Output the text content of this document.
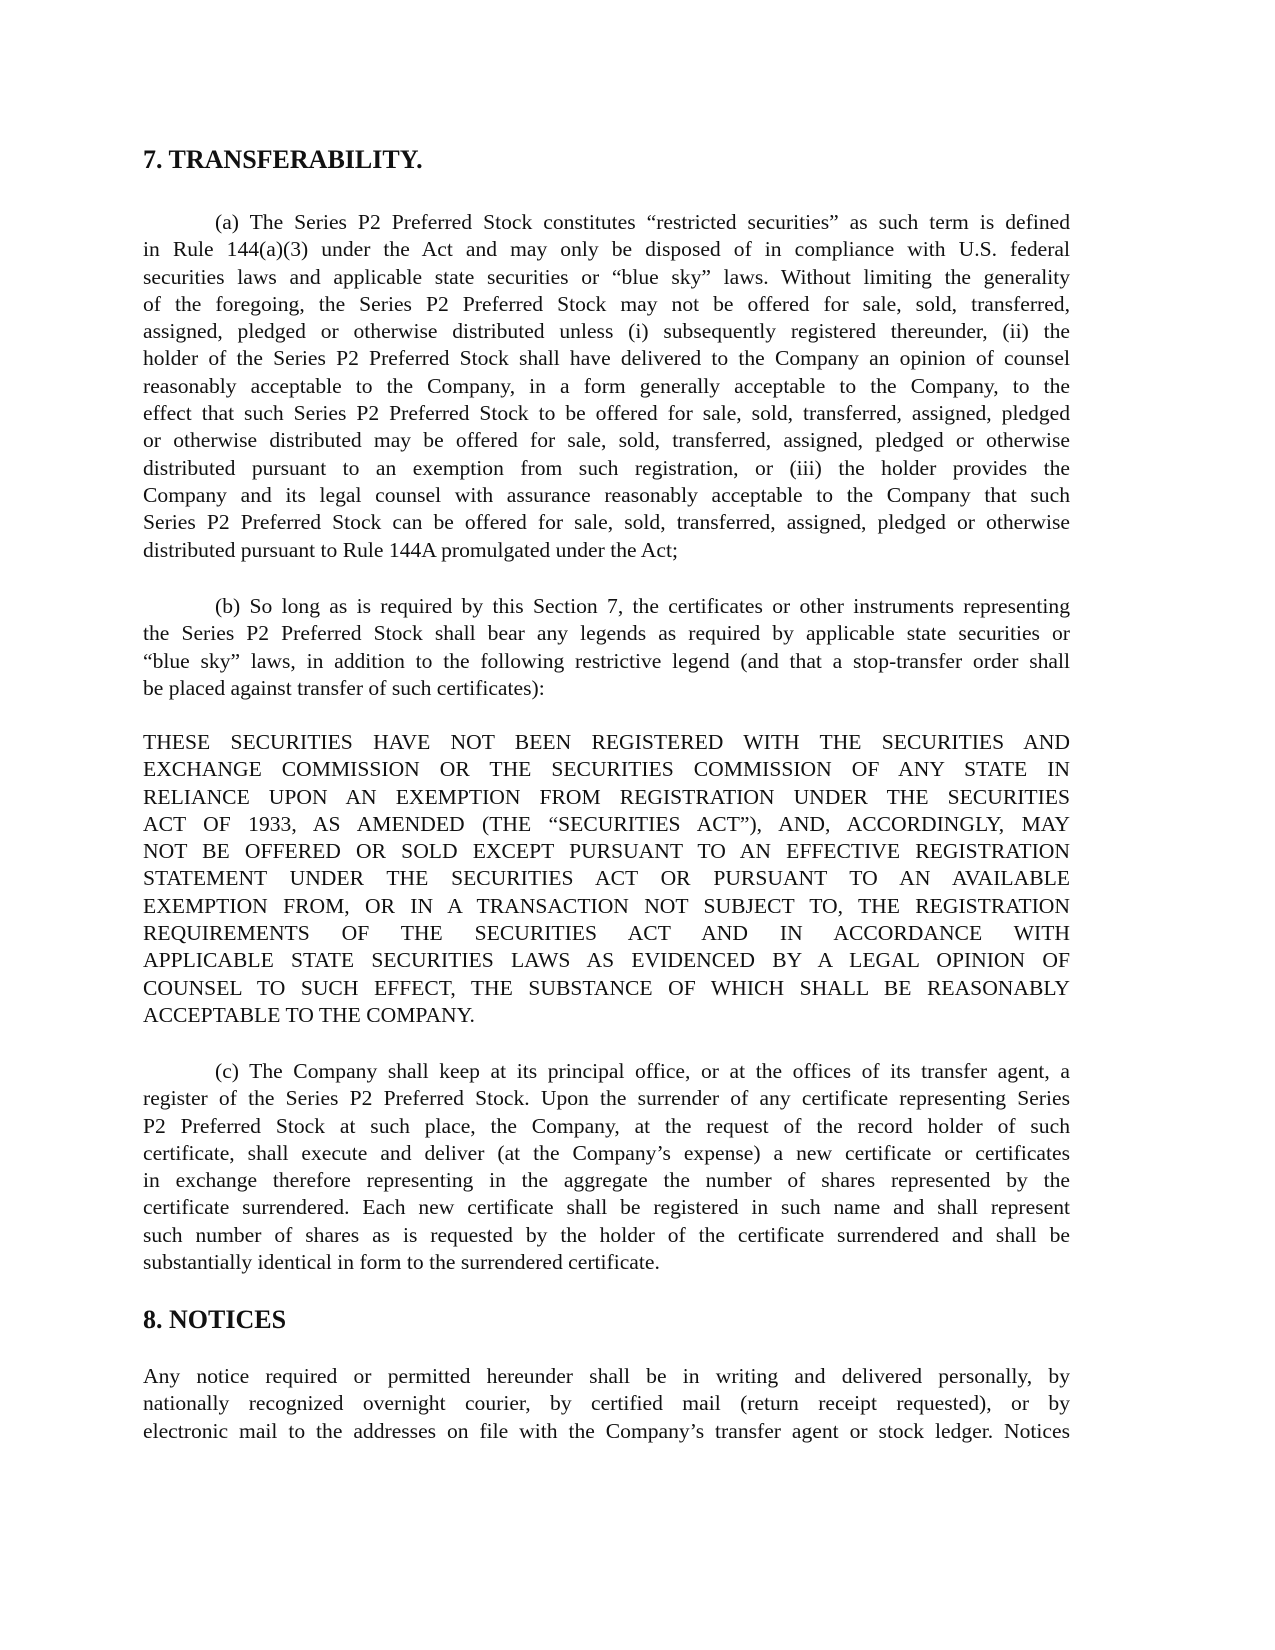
7. TRANSFERABILITY.
(a) The Series P2 Preferred Stock constitutes “restricted securities” as such term is defined
in Rule 144(a)(3) under the Act and may only be disposed of in compliance with U.S. federal
securities laws and applicable state securities or “blue sky” laws. Without limiting the generality
of the foregoing, the Series P2 Preferred Stock may not be offered for sale, sold, transferred,
assigned, pledged or otherwise distributed unless (i) subsequently registered thereunder, (ii) the
holder of the Series P2 Preferred Stock shall have delivered to the Company an opinion of counsel
reasonably acceptable to the Company, in a form generally acceptable to the Company, to the
effect that such Series P2 Preferred Stock to be offered for sale, sold, transferred, assigned, pledged
or otherwise distributed may be offered for sale, sold, transferred, assigned, pledged or otherwise
distributed pursuant to an exemption from such registration, or (iii) the holder provides the
Company and its legal counsel with assurance reasonably acceptable to the Company that such
Series P2 Preferred Stock can be offered for sale, sold, transferred, assigned, pledged or otherwise
distributed pursuant to Rule 144A promulgated under the Act;
(b) So long as is required by this Section 7, the certificates or other instruments representing
the Series P2 Preferred Stock shall bear any legends as required by applicable state securities or
“blue sky” laws, in addition to the following restrictive legend (and that a stop-transfer order shall
be placed against transfer of such certificates):
THESE SECURITIES HAVE NOT BEEN REGISTERED WITH THE SECURITIES AND
EXCHANGE COMMISSION OR THE SECURITIES COMMISSION OF ANY STATE IN
RELIANCE UPON AN EXEMPTION FROM REGISTRATION UNDER THE SECURITIES
ACT OF 1933, AS AMENDED (THE “SECURITIES ACT”), AND, ACCORDINGLY, MAY
NOT BE OFFERED OR SOLD EXCEPT PURSUANT TO AN EFFECTIVE REGISTRATION
STATEMENT UNDER THE SECURITIES ACT OR PURSUANT TO AN AVAILABLE
EXEMPTION FROM, OR IN A TRANSACTION NOT SUBJECT TO, THE REGISTRATION
REQUIREMENTS OF THE SECURITIES ACT AND IN ACCORDANCE WITH
APPLICABLE STATE SECURITIES LAWS AS EVIDENCED BY A LEGAL OPINION OF
COUNSEL TO SUCH EFFECT, THE SUBSTANCE OF WHICH SHALL BE REASONABLY
ACCEPTABLE TO THE COMPANY.
(c) The Company shall keep at its principal office, or at the offices of its transfer agent, a
register of the Series P2 Preferred Stock. Upon the surrender of any certificate representing Series
P2 Preferred Stock at such place, the Company, at the request of the record holder of such
certificate, shall execute and deliver (at the Company’s expense) a new certificate or certificates
in exchange therefore representing in the aggregate the number of shares represented by the
certificate surrendered. Each new certificate shall be registered in such name and shall represent
such number of shares as is requested by the holder of the certificate surrendered and shall be
substantially identical in form to the surrendered certificate.
8. NOTICES
Any notice required or permitted hereunder shall be in writing and delivered personally, by
nationally recognized overnight courier, by certified mail (return receipt requested), or by
electronic mail to the addresses on file with the Company’s transfer agent or stock ledger. Notices
